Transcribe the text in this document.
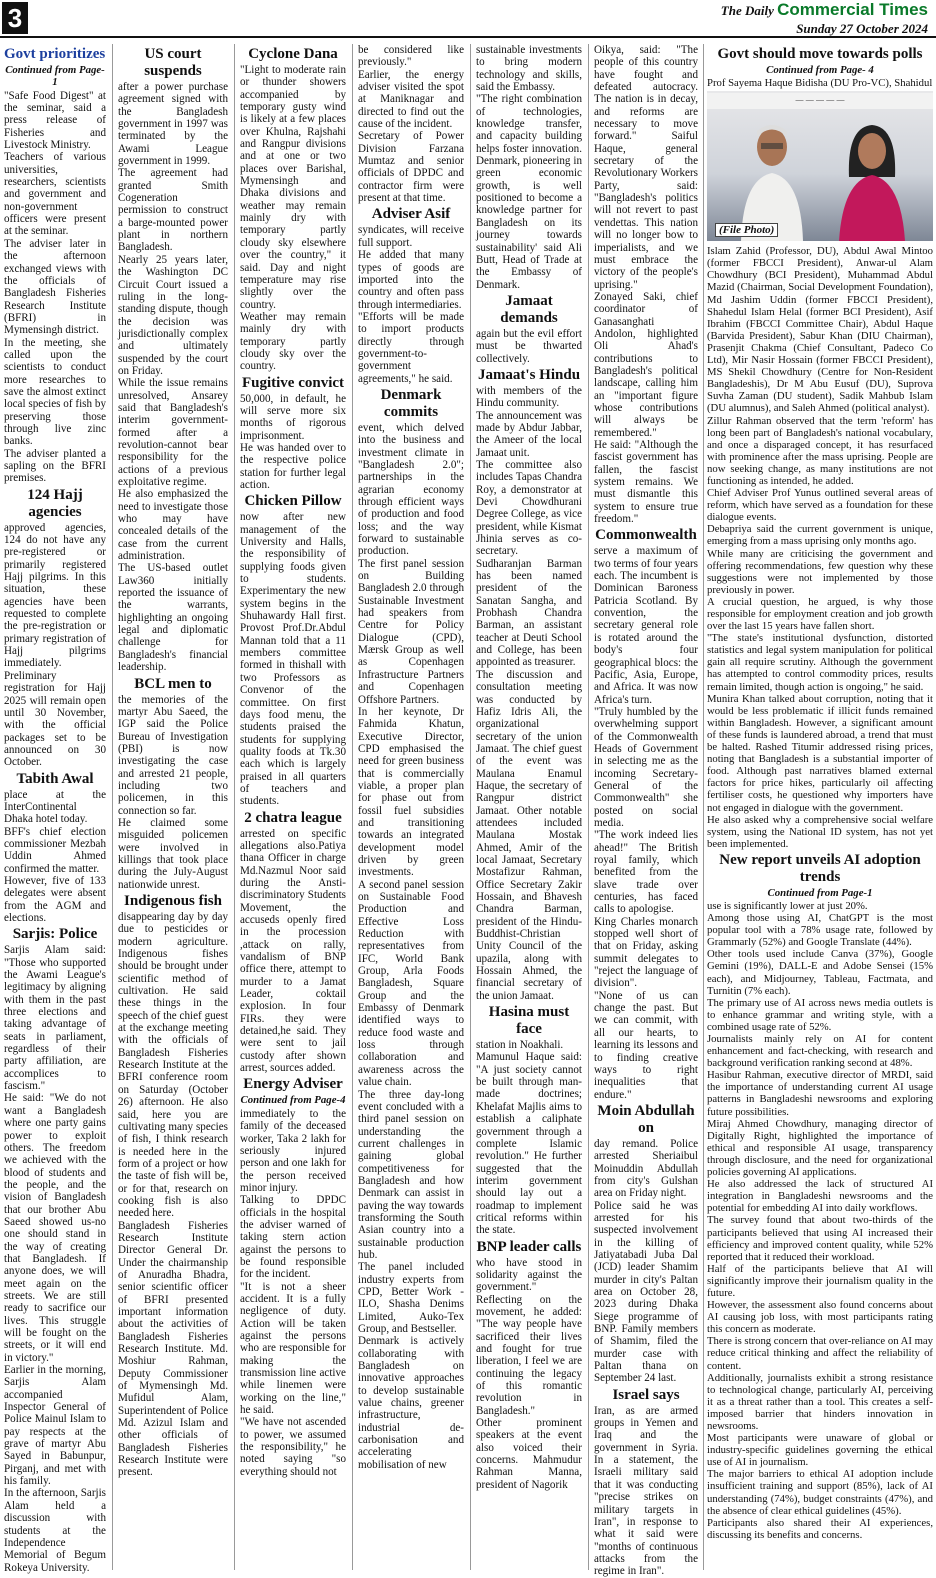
3	The Daily Commercial Times
Sunday 27 October 2024
Govt prioritizes

Continued from Page-1

"Safe Food Digest" at the seminar, said a press release of Fisheries and Livestock Ministry.

Teachers of various universities, researchers, scientists and government and non-government officers were present at the seminar.

The adviser later in the afternoon exchanged views with the officials of Bangladesh Fisheries Research Institute (BFRI) in Mymensingh district.

In the meeting, she called upon the scientists to conduct more researches to save the almost extinct local species of fish by preserving those through live zinc banks.

The adviser planted a sapling on the BFRI premises.

124 Hajj agencies

approved agencies, 124 do not have any pre-registered or primarily registered Hajj pilgrims. In this situation, these agencies have been requested to complete the pre-registration or primary registration of Hajj pilgrims immediately.

Preliminary registration for Hajj 2025 will remain open until 30 November, with the official packages set to be announced on 30 October.

Tabith Awal

place at the InterContinental Dhaka hotel today.

BFF's chief election commissioner Mezbah Uddin Ahmed confirmed the matter.

However, five of 133 delegates were absent from the AGM and elections.

Sarjis: Police

Sarjis Alam said: "Those who supported the Awami League's legitimacy by aligning with them in the past three elections and taking advantage of seats in parliament, regardless of their party affiliation, are accomplices to fascism."

He said: "We do not want a Bangladesh where one party gains power to exploit others. The freedom we achieved with the blood of students and the people, and the vision of Bangladesh that our brother Abu Saeed showed us-no one should stand in the way of creating that Bangladesh. If anyone does, we will meet again on the streets. We are still ready to sacrifice our lives. This struggle will be fought on the streets, or it will end in victory."

Earlier in the morning, Sarjis Alam accompanied Inspector General of Police Mainul Islam to pay respects at the grave of martyr Abu Sayed in Babunpur, Pirganj, and met with his family.

In the afternoon, Sarjis Alam held a discussion with students at the Independence Memorial of Begum Rokeya University.

US court suspends

after a power purchase agreement signed with the Bangladesh government in 1997 was terminated by the Awami League government in 1999.

The agreement had granted Smith Cogeneration permission to construct a barge-mounted power plant in northern Bangladesh.

Nearly 25 years later, the Washington DC Circuit Court issued a ruling in the long-standing dispute, though the decision was jurisdictionally complex and ultimately suspended by the court on Friday.

While the issue remains unresolved, Ansarey said that Bangladesh's interim government-formed after a revolution-cannot bear responsibility for the actions of a previous exploitative regime.

He also emphasized the need to investigate those who may have concealed details of the case from the current administration.

The US-based outlet Law360 initially reported the issuance of the warrants, highlighting an ongoing legal and diplomatic challenge for Bangladesh's financial leadership.

BCL men to

the memories of the martyr Abu Saeed, the IGP said the Police Bureau of Investigation (PBI) is now investigating the case and arrested 21 people, including two policemen, in this connection so far.

He claimed some misguided policemen were involved in killings that took place during the July-August nationwide unrest.

Indigenous fish

disappearing day by day due to pesticides or modern agriculture. Indigenous fishes should be brought under scientific method of cultivation. He said these things in the speech of the chief guest at the exchange meeting with the officials of Bangladesh Fisheries Research Institute at the BFRI conference room on Saturday (October 26) afternoon. He also said, here you are cultivating many species of fish, I think research is needed here in the form of a project or how the taste of fish will be, or for that, research on cooking fish is also needed here.

Bangladesh Fisheries Research Institute Director General Dr. Under the chairmanship of Anuradha Bhadra, senior scientific officer of BFRI presented important information about the activities of Bangladesh Fisheries Research Institute. Md. Moshiur Rahman, Deputy Commissioner of Mymensingh Md. Mufidul Alam, Superintendent of Police Md. Azizul Islam and other officials of Bangladesh Fisheries Research Institute were present.

Cyclone Dana

"Light to moderate rain or thunder showers accompanied by temporary gusty wind is likely at a few places over Khulna, Rajshahi and Rangpur divisions and at one or two places over Barishal, Mymensingh and Dhaka divisions and weather may remain mainly dry with temporary partly cloudy sky elsewhere over the country," it said. Day and night temperature may rise slightly over the country.

Weather may remain mainly dry with temporary partly cloudy sky over the country.

Fugitive convict

50,000, in default, he will serve more six months of rigorous imprisonment.

He was handed over to the respective police station for further legal action.

Chicken Pillow

now after new management of the University and Halls, the responsibility of supplying foods given to students. Experimentary the new system begins in the Shuhawardy Hall first. Provost Prof.Dr.Abdul Mannan told that a 11 members committee formed in thishall with two Professors as Convenor of the committee. On first days food menu, the students praised the students for supplying quality foods at Tk.30 each which is largely praised in all quarters of teachers and students.

2 chatra league

arrested on specific allegations also.Patiya thana Officer in charge Md.Nazmul Noor said during the Ansti-discriminatory Students Movement, the accuseds openly fired in the procession ,attack on rally, vandalism of BNP office there, attempt to murder to a Jamat Leader, coktail explosion. In four FIRs. they were detained,he said. They were sent to jail custody after shown arrest, sources added.

Energy Adviser

Continued from Page-4

immediately to the family of the deceased worker, Taka 2 lakh for seriously injured person and one lakh for the person received minor injury.

Talking to DPDC officials in the hospital the adviser warned of taking stern action against the persons to be found responsible for the incident.

"It is not a sheer accident. It is a fully negligence of duty. Action will be taken against the persons who are responsible for making the transmission line active while linemen were working on the line," he said.

"We have not ascended to power, we assumed the responsibility," he noted saying "so everything should not

be considered like previously."

Earlier, the energy adviser visited the spot at Maniknagar and directed to find out the cause of the incident.

Secretary of Power Division Farzana Mumtaz and senior officials of DPDC and contractor firm were present at that time.

Adviser Asif

syndicates, will receive full support.

He added that many types of goods are imported into the country and often pass through intermediaries.

"Efforts will be made to import products directly through government-to-government agreements," he said.

Denmark commits

event, which delved into the business and investment climate in "Bangladesh 2.0"; partnerships in the agrarian economy through efficient ways of production and food loss; and the way forward to sustainable production.

The first panel session on Building Bangladesh 2.0 through Sustainable Investment had speakers from Centre for Policy Dialogue (CPD), Mærsk Group as well as Copenhagen Infrastructure Partners and Copenhagen Offshore Partners.

In her keynote, Dr Fahmida Khatun, Executive Director, CPD emphasised the need for green business that is commercially viable, a proper plan for phase out from fossil fuel subsidies and transitioning towards an integrated development model driven by green investments.

A second panel session on Sustainable Food Production and Effective Loss Reduction with representatives from IFC, World Bank Group, Arla Foods Bangladesh, Square Group and the Embassy of Denmark identified ways to reduce food waste and loss through collaboration and awareness across the value chain.

The three day-long event concluded with a third panel session on understanding the current challenges in gaining global competitiveness for Bangladesh and how Denmark can assist in paving the way towards transforming the South Asian country into a sustainable production hub.

The panel included industry experts from CPD, Better Work - ILO, Shasha Denims Limited, Auko-Tex Group, and Bestseller.

Denmark is actively collaborating with Bangladesh on innovative approaches to develop sustainable value chains, greener infrastructure, industrial de-carbonisation and accelerating mobilisation of new

sustainable investments to bring modern technology and skills, said the Embassy.

"The right combination of technologies, knowledge transfer, and capacity building helps foster innovation. Denmark, pioneering in green economic growth, is well positioned to become a knowledge partner for Bangladesh on its journey towards sustainability' said Ali Butt, Head of Trade at the Embassy of Denmark.

Jamaat demands

again but the evil effort must be thwarted collectively.

Jamaat's Hindu

with members of the Hindu community.

The announcement was made by Abdur Jabbar, the Ameer of the local Jamaat unit.

The committee also includes Tapas Chandra Roy, a demonstrator at Devi Chowdhurani Degree College, as vice president, while Kismat Jhinia serves as co-secretary.

Sudharanjan Barman has been named president of the Sanatan Sangha, and Probhash Chandra Barman, an assistant teacher at Deuti School and College, has been appointed as treasurer.

The discussion and consultation meeting was conducted by Hafiz Idris Ali, the organizational secretary of the union Jamaat. The chief guest of the event was Maulana Enamul Haque, the secretary of Rangpur district Jamaat. Other notable attendees included Maulana Mostak Ahmed, Amir of the local Jamaat, Secretary Mostafizur Rahman, Office Secretary Zakir Hossain, and Bhavesh Chandra Barman, president of the Hindu-Buddhist-Christian Unity Council of the upazila, along with Hossain Ahmed, the financial secretary of the union Jamaat.

Hasina must face

station in Noakhali.

Mamunul Haque said: "A just society cannot be built through man-made doctrines; Khelafat Majlis aims to establish a caliphate government through a complete Islamic revolution." He further suggested that the interim government should lay out a roadmap to implement critical reforms within the state.

BNP leader calls

who have stood in solidarity against the government."

Reflecting on the movement, he added: "The way people have sacrificed their lives and fought for true liberation, I feel we are continuing the legacy of this romantic revolution in Bangladesh."

Other prominent speakers at the event also voiced their concerns. Mahmudur Rahman Manna, president of Nagorik

Oikya, said: "The people of this country have fought and defeated autocracy. The nation is in decay, and reforms are necessary to move forward." Saiful Haque, general secretary of the Revolutionary Workers Party, said: "Bangladesh's politics will not revert to past vendettas. This nation will no longer bow to imperialists, and we must embrace the victory of the people's uprising."

Zonayed Saki, chief coordinator of Ganasanghati Andolon, highlighted Oli Ahad's contributions to Bangladesh's political landscape, calling him an "important figure whose contributions will always be remembered."

He said: "Although the fascist government has fallen, the fascist system remains. We must dismantle this system to ensure true freedom."

Commonwealth

serve a maximum of two terms of four years each. The incumbent is Dominican Baroness Patricia Scotland. By convention, the secretary general role is rotated around the body's four geographical blocs: the Pacific, Asia, Europe, and Africa. It was now Africa's turn.

"Truly humbled by the overwhelming support of the Commonwealth Heads of Government in selecting me as the incoming Secretary-General of the Commonwealth" she posted on social media.

"The work indeed lies ahead!" The British royal family, which benefited from the slave trade over centuries, has faced calls to apologise.

King Charles monarch stopped well short of that on Friday, asking summit delegates to "reject the language of division".

"None of us can change the past. But we can commit, with all our hearts, to learning its lessons and to finding creative ways to right inequalities that endure."

Moin Abdullah on

day remand. Police arrested Sheriaibul Moinuddin Abdullah from city's Gulshan area on Friday night.

Police said he was arrested for his suspected involvement in the killing of Jatiyatabadi Juba Dal (JCD) leader Shamim murder in city's Paltan area on October 28, 2023 during Dhaka Siege programme of BNP. Family members of Shamim, filed the murder case with Paltan thana on September 24 last.

Israel says

Iran, as are armed groups in Yemen and Iraq and the government in Syria. In a statement, the Israeli military said that it was conducting "precise strikes on military targets in Iran", in response to what it said were "months of continuous attacks from the regime in Iran".

Govt should move towards polls

Continued from Page- 4

Prof Sayema Haque Bidisha (DU Pro-VC), Shahidul

— — — — —
(File Photo)

Islam Zahid (Professor, DU), Abdul Awal Mintoo (former FBCCI President), Anwar-ul Alam Chowdhury (BCI President), Muhammad Abdul Mazid (Chairman, Social Development Foundation), Md Jashim Uddin (former FBCCI President), Shahedul Islam Helal (former BCI President), Asif Ibrahim (FBCCI Committee Chair), Abdul Haque (Barvida President), Sabur Khan (DIU Chairman), Prasenjit Chakma (Chief Consultant, Padeco Co Ltd), Mir Nasir Hossain (former FBCCI President), MS Shekil Chowdhury (Centre for Non-Resident Bangladeshis), Dr M Abu Eusuf (DU), Suprova Suvha Zaman (DU student), Sadik Mahbub Islam (DU alumnus), and Saleh Ahmed (political analyst).

Zillur Rahman observed that the term 'reform' has long been part of Bangladesh's national vocabulary, and once a disparaged concept, it has resurfaced with prominence after the mass uprising. People are now seeking change, as many institutions are not functioning as intended, he added.

Chief Adviser Prof Yunus outlined several areas of reform, which have served as a foundation for these dialogue events.

Debapriya said the current government is unique, emerging from a mass uprising only months ago.

While many are criticising the government and offering recommendations, few question why these suggestions were not implemented by those previously in power.

A crucial question, he argued, is why those responsible for employment creation and job growth over the last 15 years have fallen short.

"The state's institutional dysfunction, distorted statistics and legal system manipulation for political gain all require scrutiny. Although the government has attempted to control commodity prices, results remain limited, though action is ongoing," he said.

Munira Khan talked about corruption, noting that it would be less problematic if illicit funds remained within Bangladesh. However, a significant amount of these funds is laundered abroad, a trend that must be halted. Rashed Titumir addressed rising prices, noting that Bangladesh is a substantial importer of food. Although past narratives blamed external factors for price hikes, particularly oil affecting fertiliser costs, he questioned why importers have not engaged in dialogue with the government.

He also asked why a comprehensive social welfare system, using the National ID system, has not yet been implemented.

New report unveils AI adoption trends

Continued from Page-1

use is significantly lower at just 20%.

Among those using AI, ChatGPT is the most popular tool with a 78% usage rate, followed by Grammarly (52%) and Google Translate (44%).

Other tools used include Canva (37%), Google Gemini (19%), DALL-E and Adobe Sensei (15% each), and Midjourney, Tableau, Factmata, and Turnitin (7% each).

The primary use of AI across news media outlets is to enhance grammar and writing style, with a combined usage rate of 52%.

Journalists mainly rely on AI for content enhancement and fact-checking, with research and background verification ranking second at 48%.

Hasibur Rahman, executive director of MRDI, said the importance of understanding current AI usage patterns in Bangladeshi newsrooms and exploring future possibilities.

Miraj Ahmed Chowdhury, managing director of Digitally Right, highlighted the importance of ethical and responsible AI usage, transparency through disclosure, and the need for organizational policies governing AI applications.

He also addressed the lack of structured AI integration in Bangladeshi newsrooms and the potential for embedding AI into daily workflows.

The survey found that about two-thirds of the participants believed that using AI increased their efficiency and improved content quality, while 52% reported that it reduced their workload.

Half of the participants believe that AI will significantly improve their journalism quality in the future.

However, the assessment also found concerns about AI causing job loss, with most participants rating this concern as moderate.

There is strong concern that over-reliance on AI may reduce critical thinking and affect the reliability of content.

Additionally, journalists exhibit a strong resistance to technological change, particularly AI, perceiving it as a threat rather than a tool. This creates a self-imposed barrier that hinders innovation in newsrooms.

Most participants were unaware of global or industry-specific guidelines governing the ethical use of AI in journalism.

The major barriers to ethical AI adoption include insufficient training and support (85%), lack of AI understanding (74%), budget constraints (47%), and the absence of clear ethical guidelines (45%).

Participants also shared their AI experiences, discussing its benefits and concerns.
